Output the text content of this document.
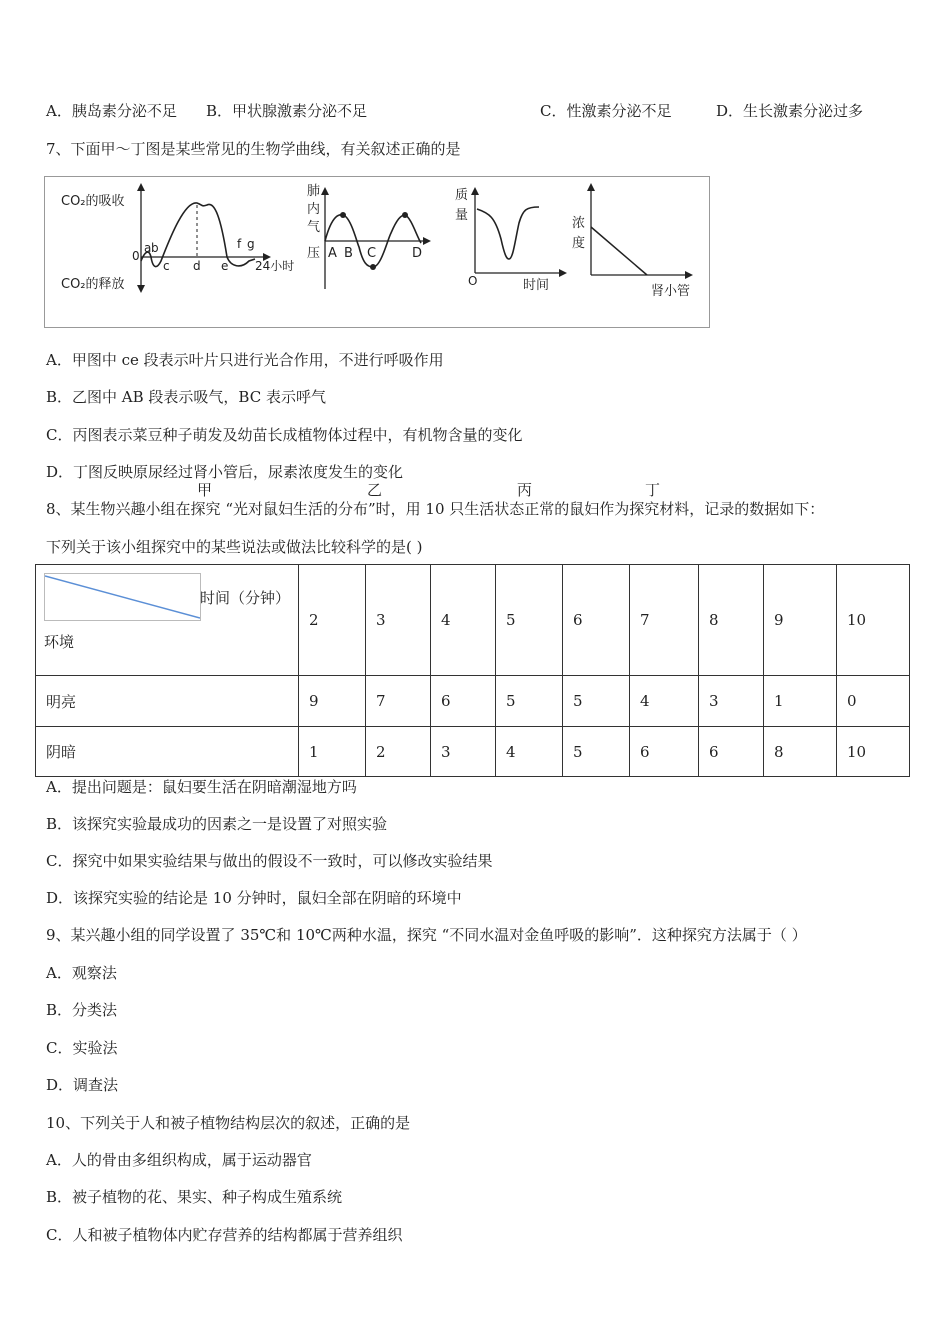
A．胰岛素分泌不足 B．甲状腺激素分泌不足	C．性激素分泌不足	D．生长激素分泌过多
7、下面甲～丁图是某些常见的生物学曲线，有关叙述正确的是
CO₂的吸收
CO₂的释放
0
a b
c d e
f g
24小时
肺
内
气
压 A B C	D
质
量
O	时间
浓
度
肾小管
甲	乙	丙	丁
A．甲图中 ce 段表示叶片只进行光合作用，不进行呼吸作用
B．乙图中 AB 段表示吸气，BC 表示呼气
C．丙图表示菜豆种子萌发及幼苗长成植物体过程中，有机物含量的变化
D．丁图反映原尿经过肾小管后，尿素浓度发生的变化
8、某生物兴趣小组在探究 “光对鼠妇生活的分布”时，用 10 只生活状态正常的鼠妇作为探究材料，记录的数据如下：
下列关于该小组探究中的某些说法或做法比较科学的是( )
时间（分钟）
环境	2	3	4	5	6	7	8	9	10
明亮	9	7	6	5	5	4	3	1	0
阴暗	1	2	3	4	5	6	6	8	10
A．提出问题是：鼠妇要生活在阴暗潮湿地方吗
B．该探究实验最成功的因素之一是设置了对照实验
C．探究中如果实验结果与做出的假设不一致时，可以修改实验结果
D．该探究实验的结论是 10 分钟时，鼠妇全部在阴暗的环境中
9、某兴趣小组的同学设置了 35℃和 10℃两种水温，探究 “不同水温对金鱼呼吸的影响”．这种探究方法属于（ ）
A．观察法
B．分类法
C．实验法
D．调查法
10、下列关于人和被子植物结构层次的叙述，正确的是
A．人的骨由多组织构成，属于运动器官
B．被子植物的花、果实、种子构成生殖系统
C．人和被子植物体内贮存营养的结构都属于营养组织
